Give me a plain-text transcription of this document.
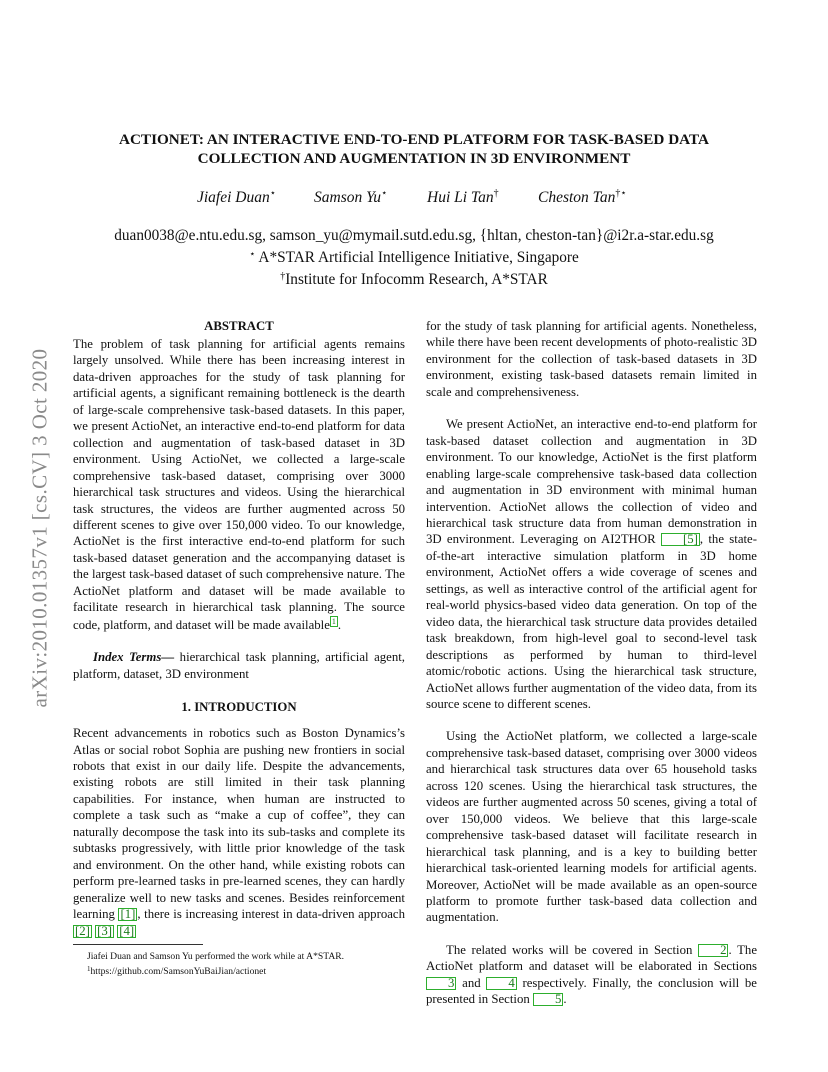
arXiv:2010.01357v1 [cs.CV] 3 Oct 2020
ACTIONET: AN INTERACTIVE END-TO-END PLATFORM FOR TASK-BASED DATA
COLLECTION AND AUGMENTATION IN 3D ENVIRONMENT
Jiafei Duan⋆ Samson Yu⋆	Hui Li Tan†	Cheston Tan†⋆
duan0038@e.ntu.edu.sg, samson_yu@mymail.sutd.edu.sg, {hltan, cheston-tan}@i2r.a-star.edu.sg
⋆ A*STAR Artificial Intelligence Initiative, Singapore
†Institute for Infocomm Research, A*STAR
ABSTRACT

The problem of task planning for artificial agents remains largely unsolved. While there has been increasing interest in data-driven approaches for the study of task planning for artificial agents, a significant remaining bottleneck is the dearth of large-scale comprehensive task-based datasets. In this paper, we present ActioNet, an interactive end-to-end platform for data collection and augmentation of task-based dataset in 3D environment. Using ActioNet, we collected a large-scale comprehensive task-based dataset, comprising over 3000 hierarchical task structures and videos. Using the hierarchical task structures, the videos are further augmented across 50 different scenes to give over 150,000 video. To our knowledge, ActioNet is the first interactive end-to-end platform for such task-based dataset generation and the accompanying dataset is the largest task-based dataset of such comprehensive nature. The ActioNet platform and dataset will be made available to facilitate research in hierarchical task planning. The source code, platform, and dataset will be made available 1 .

Index Terms— hierarchical task planning, artificial agent, platform, dataset, 3D environment

1. INTRODUCTION

Recent advancements in robotics such as Boston Dynamics’s Atlas or social robot Sophia are pushing new frontiers in social robots that exist in our daily life. Despite the advancements, existing robots are still limited in their task planning capabilities. For instance, when human are instructed to complete a task such as “make a cup of coffee”, they can naturally decompose the task into its sub-tasks and complete its subtasks progressively, with little prior knowledge of the task and environment. On the other hand, while existing robots can perform pre-learned tasks in pre-learned scenes, they can hardly generalize well to new tasks and scenes. Besides reinforcement learning [1] , there is increasing interest in data-driven approach [2] [3] [4]

Jiafei Duan and Samson Yu performed the work while at A*STAR.
$^1$https://github.com/SamsonYuBaiJian/actionet

for the study of task planning for artificial agents. Nonetheless, while there have been recent developments of photo-realistic 3D environment for the collection of task-based datasets in 3D environment, existing task-based datasets remain limited in scale and comprehensiveness.

We present ActioNet, an interactive end-to-end platform for task-based dataset collection and augmentation in 3D environment. To our knowledge, ActioNet is the first platform enabling large-scale comprehensive task-based data collection and augmentation in 3D environment with minimal human intervention. ActioNet allows the collection of video and hierarchical task structure data from human demonstration in 3D environment. Leveraging on AI2THOR [5] , the state-of-the-art interactive simulation platform in 3D home environment, ActioNet offers a wide coverage of scenes and settings, as well as interactive control of the artificial agent for real-world physics-based video data generation. On top of the video data, the hierarchical task structure data provides detailed task breakdown, from high-level goal to second-level task descriptions as performed by human to third-level atomic/robotic actions. Using the hierarchical task structure, ActioNet allows further augmentation of the video data, from its source scene to different scenes.

Using the ActioNet platform, we collected a large-scale comprehensive task-based dataset, comprising over 3000 videos and hierarchical task structures data over 65 household tasks across 120 scenes. Using the hierarchical task structures, the videos are further augmented across 50 scenes, giving a total of over 150,000 videos. We believe that this large-scale comprehensive task-based dataset will facilitate research in hierarchical task planning, and is a key to building better hierarchical task-oriented learning models for artificial agents. Moreover, ActioNet will be made available as an open-source platform to promote further task-based data collection and augmentation.

The related works will be covered in Section 2 . The ActioNet platform and dataset will be elaborated in Sections 3 and 4 respectively. Finally, the conclusion will be presented in Section 5 .
